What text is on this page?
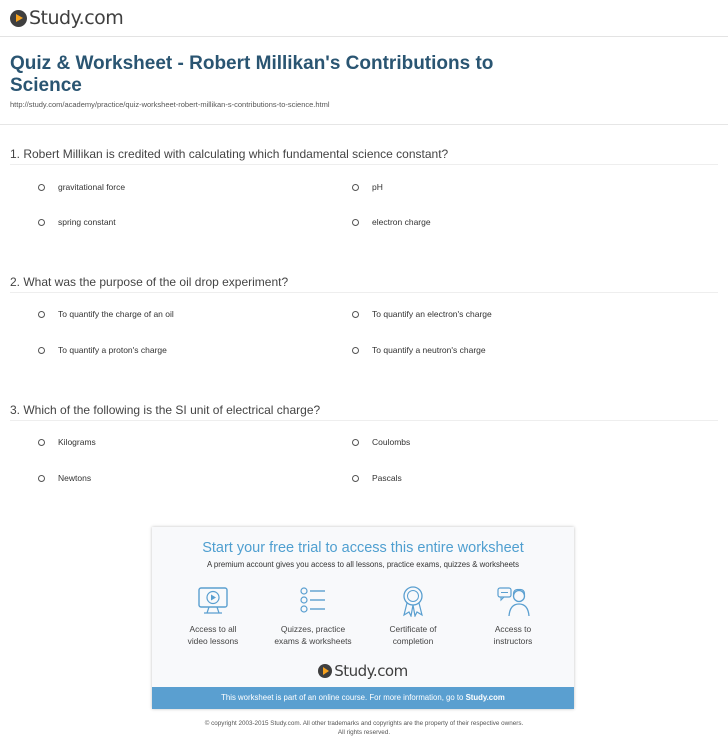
Study.com
Quiz & Worksheet - Robert Millikan's Contributions to Science
http://study.com/academy/practice/quiz-worksheet-robert-millikan-s-contributions-to-science.html
1. Robert Millikan is credited with calculating which fundamental science constant?
gravitational force	pH
spring constant	electron charge
2. What was the purpose of the oil drop experiment?
To quantify the charge of an oil	To quantify an electron's charge
To quantify a proton's charge	To quantify a neutron's charge
3. Which of the following is the SI unit of electrical charge?
Kilograms	Coulombs
Newtons	Pascals
Start your free trial to access this entire worksheet
A premium account gives you access to all lessons, practice exams, quizzes & worksheets
Access to all
video lessons
Quizzes, practice
exams & worksheets
Certificate of
completion
Access to
instructors
Study.com
This worksheet is part of an online course. For more information, go to Study.com
© copyright 2003-2015 Study.com. All other trademarks and copyrights are the property of their respective owners.
All rights reserved.
